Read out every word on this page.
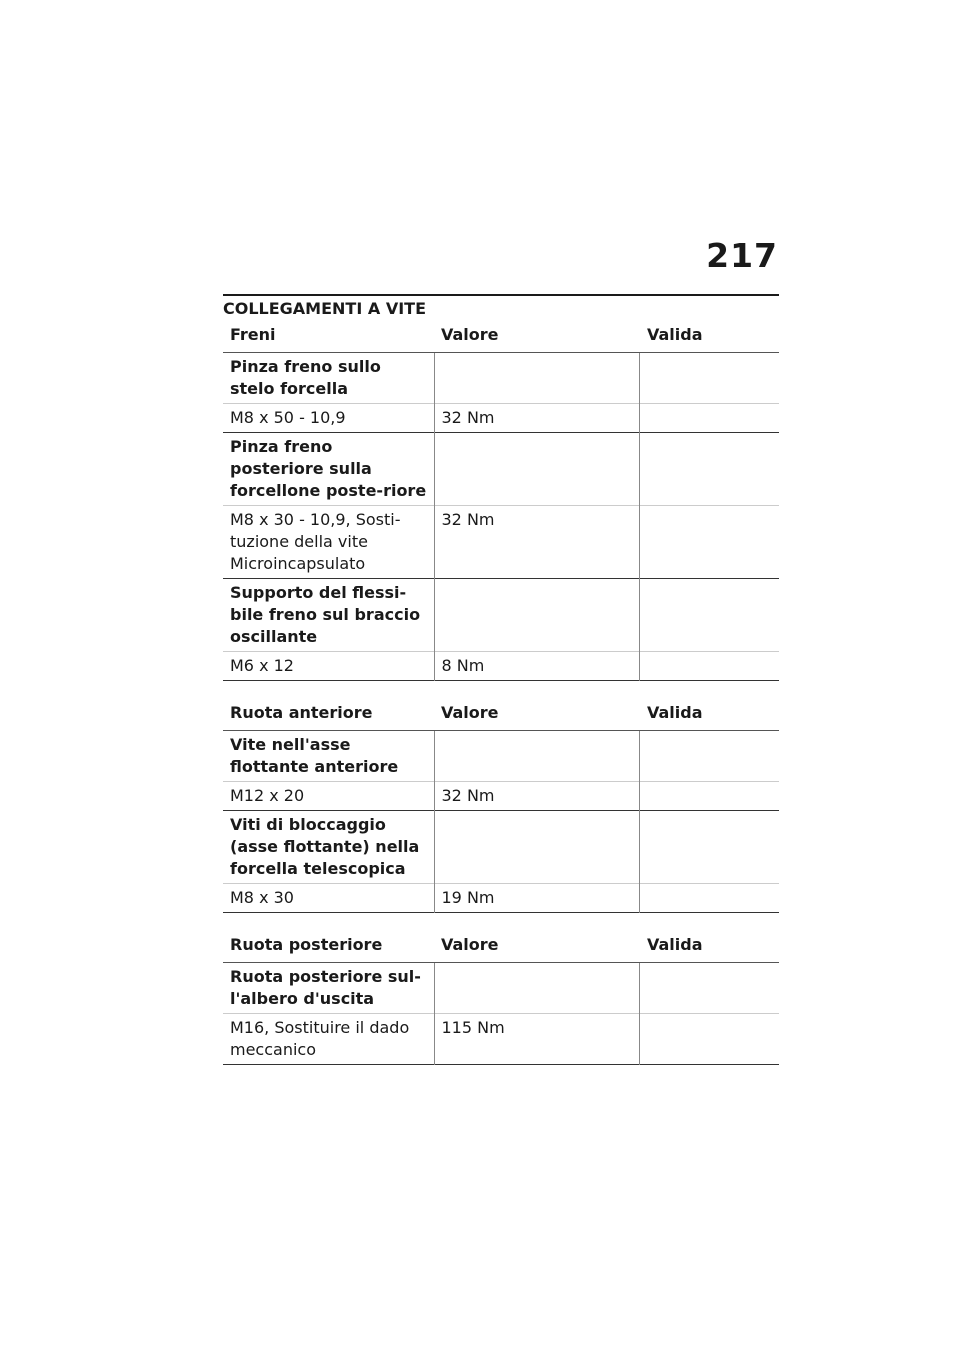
217
COLLEGAMENTI A VITE
Freni	Valore	Valida
Pinza freno sullo stelo forcella		
M8 x 50 - 10,9	32 Nm	
Pinza freno posteriore sulla forcellone poste-riore		
M8 x 30 - 10,9, Sosti-tuzione della vite Microincapsulato	32 Nm	
Supporto del flessi-bile freno sul braccio oscillante		
M6 x 12	8 Nm	
Ruota anteriore	Valore	Valida
Vite nell'asse flottante anteriore		
M12 x 20	32 Nm	
Viti di bloccaggio (asse flottante) nella forcella telescopica		
M8 x 30	19 Nm	
Ruota posteriore	Valore	Valida
Ruota posteriore sul-l'albero d'uscita		
M16, Sostituire il dado meccanico	115 Nm	
